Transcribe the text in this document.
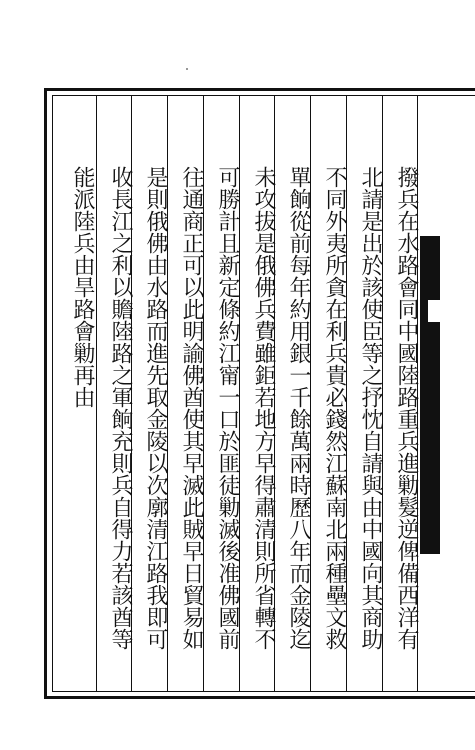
撥兵在水路會同中國陸路重兵進勦髮逆俾備西洋有
北請是出於該使臣等之抒忱自請與由中國向其商助
不同外夷所貪在利兵貴必錢然江蘇南北兩種壘文救
單餉從前每年約用銀一千餘萬兩時歷八年而金陵迄
未攻拔是俄佛兵費雖鉅若地方早得肅清則所省轉不
可勝計且新定條約江甯一口於匪徒勦滅後准佛國前
往通商正可以此明諭佛酋使其早滅此賊早日貿易如
是則俄佛由水路而進先取金陵以次廓清江路我即可
收長江之利以贍陸路之軍餉充則兵自得力若該酋等
能派陸兵由旱路會勦再由
